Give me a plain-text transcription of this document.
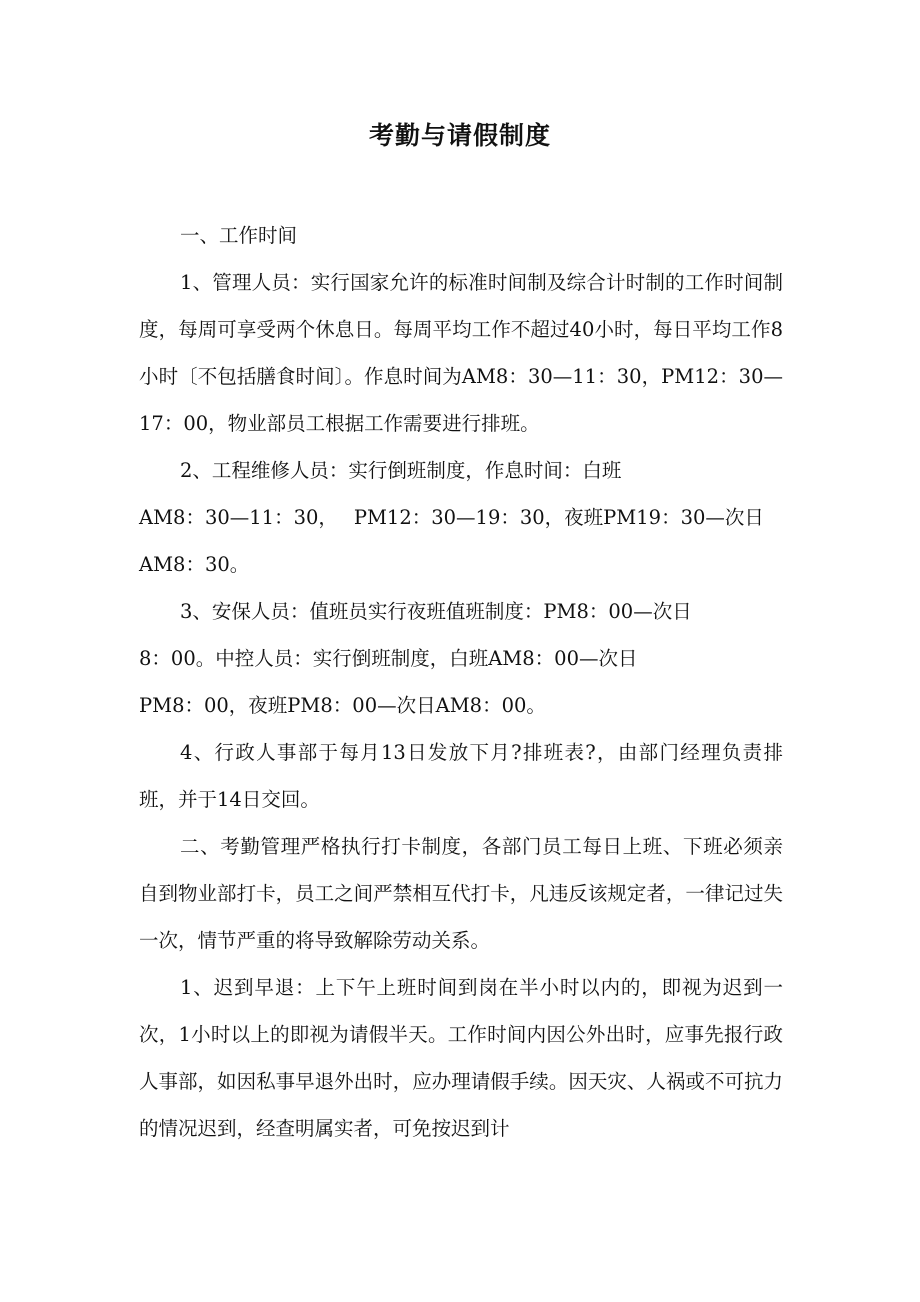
考勤与请假制度

一、工作时间

1、管理人员：实行国家允许的标准时间制及综合计时制的工作时间制度，每周可享受两个休息日。每周平均工作不超过40小时，每日平均工作8小时〔不包括膳食时间〕。作息时间为AM8：30—11：30，PM12：30—17：00，物业部员工根据工作需要进行排班。

2、工程维修人员：实行倒班制度，作息时间：白班

AM8：30—11：30，　 PM12：30—19：30，夜班PM19：30—次日

AM8：30。

3、安保人员：值班员实行夜班值班制度：PM8：00—次日

8：00。中控人员：实行倒班制度，白班AM8：00—次日

PM8：00，夜班PM8：00—次日AM8：00。

4、行政人事部于每月13日发放下月?排班表?，由部门经理负责排班，并于14日交回。

二、考勤管理严格执行打卡制度，各部门员工每日上班、下班必须亲自到物业部打卡，员工之间严禁相互代打卡，凡违反该规定者，一律记过失一次，情节严重的将导致解除劳动关系。

1、迟到早退：上下午上班时间到岗在半小时以内的，即视为迟到一次，1小时以上的即视为请假半天。工作时间内因公外出时，应事先报行政人事部，如因私事早退外出时，应办理请假手续。因天灾、人祸或不可抗力的情况迟到，经查明属实者，可免按迟到计
